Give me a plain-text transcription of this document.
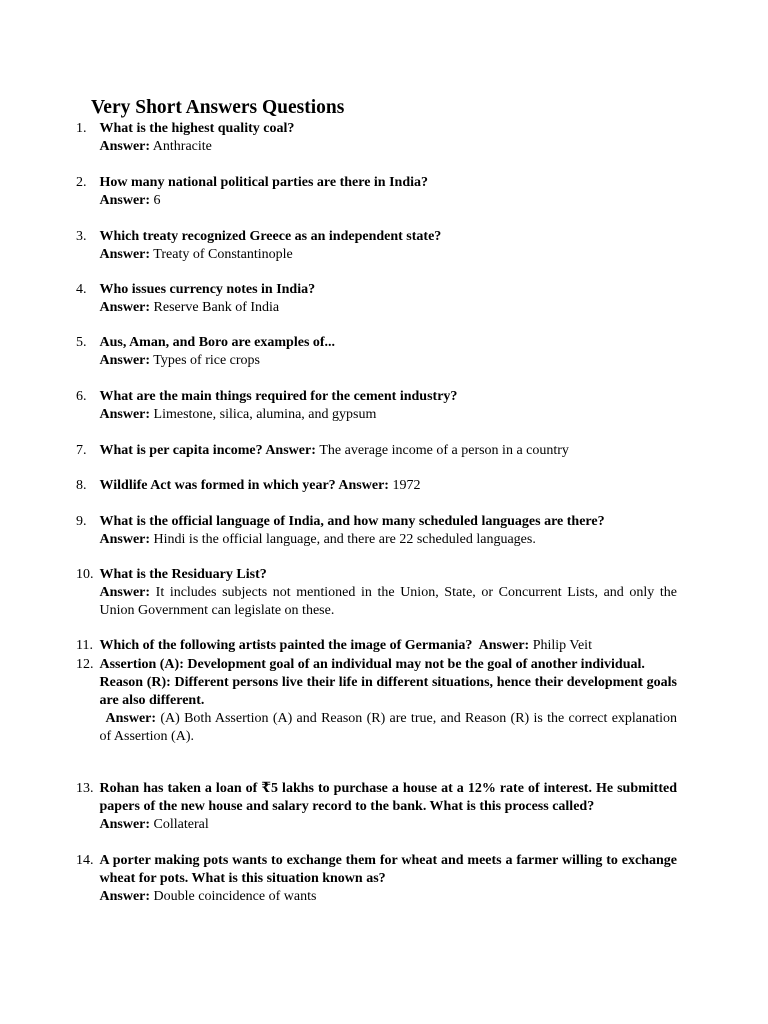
Very Short Answers Questions
1. What is the highest quality coal?

Answer: Anthracite

2. How many national political parties are there in India?

Answer: 6

3. Which treaty recognized Greece as an independent state?

Answer: Treaty of Constantinople

4. Who issues currency notes in India?

Answer: Reserve Bank of India

5. Aus, Aman, and Boro are examples of...

Answer: Types of rice crops

6. What are the main things required for the cement industry?

Answer: Limestone, silica, alumina, and gypsum

7. What is per capita income? Answer: The average income of a person in a country

8. Wildlife Act was formed in which year? Answer: 1972

9. What is the official language of India, and how many scheduled languages are there?

Answer: Hindi is the official language, and there are 22 scheduled languages.

10. What is the Residuary List?

Answer: It includes subjects not mentioned in the Union, State, or Concurrent Lists, and only the Union Government can legislate on these.

11. Which of the following artists painted the image of Germania? Answer: Philip Veit

12. Assertion (A): Development goal of an individual may not be the goal of another individual.

Reason (R): Different persons live their life in different situations, hence their development goals are also different.

Answer: (A) Both Assertion (A) and Reason (R) are true, and Reason (R) is the correct explanation of Assertion (A).

13. Rohan has taken a loan of ₹5 lakhs to purchase a house at a 12% rate of interest. He submitted papers of the new house and salary record to the bank. What is this process called?

Answer: Collateral

14. A porter making pots wants to exchange them for wheat and meets a farmer willing to exchange wheat for pots. What is this situation known as?

Answer: Double coincidence of wants
